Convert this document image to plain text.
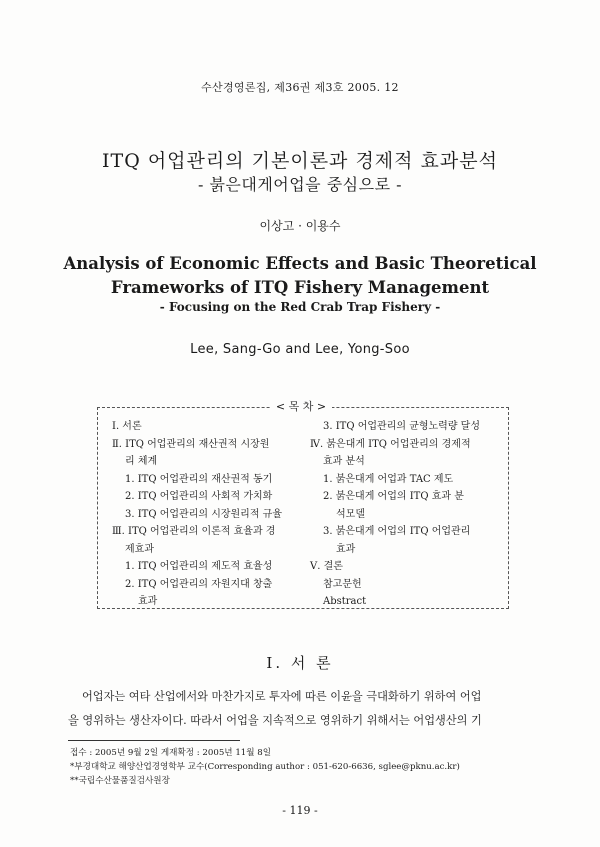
수산경영론집, 제36권 제3호 2005. 12
ITQ 어업관리의 기본이론과 경제적 효과분석
- 붉은대게어업을 중심으로 -
이상고 · 이용수
Analysis of Economic Effects and Basic Theoretical
Frameworks of ITQ Fishery Management
- Focusing on the Red Crab Trap Fishery -
Lee, Sang-Go and Lee, Yong-Soo
< 목 차 >
Ⅰ. 서론
Ⅱ. ITQ 어업관리의 재산권적 시장원
리 체계
1. ITQ 어업관리의 재산권적 동기
2. ITQ 어업관리의 사회적 가치화
3. ITQ 어업관리의 시장원리적 규율
Ⅲ. ITQ 어업관리의 이론적 효율과 경
제효과
1. ITQ 어업관리의 제도적 효율성
2. ITQ 어업관리의 자원지대 창출
효과
3. ITQ 어업관리의 균형노력량 달성
Ⅳ. 붉은대게 ITQ 어업관리의 경제적
효과 분석
1. 붉은대게 어업과 TAC 제도
2. 붉은대게 어업의 ITQ 효과 분
석모델
3. 붉은대게 어업의 ITQ 어업관리
효과
Ⅴ. 결론
참고문헌
Abstract
Ⅰ. 서 론
어업자는 여타 산업에서와 마찬가지로 투자에 따른 이윤을 극대화하기 위하여 어업
을 영위하는 생산자이다. 따라서 어업을 지속적으로 영위하기 위해서는 어업생산의 기
접수 : 2005년 9월 2일 게재확정 : 2005년 11월 8일
*부경대학교 해양산업경영학부 교수(Corresponding author : 051-620-6636, sglee@pknu.ac.kr)
**국립수산물품질검사원장
- 119 -
